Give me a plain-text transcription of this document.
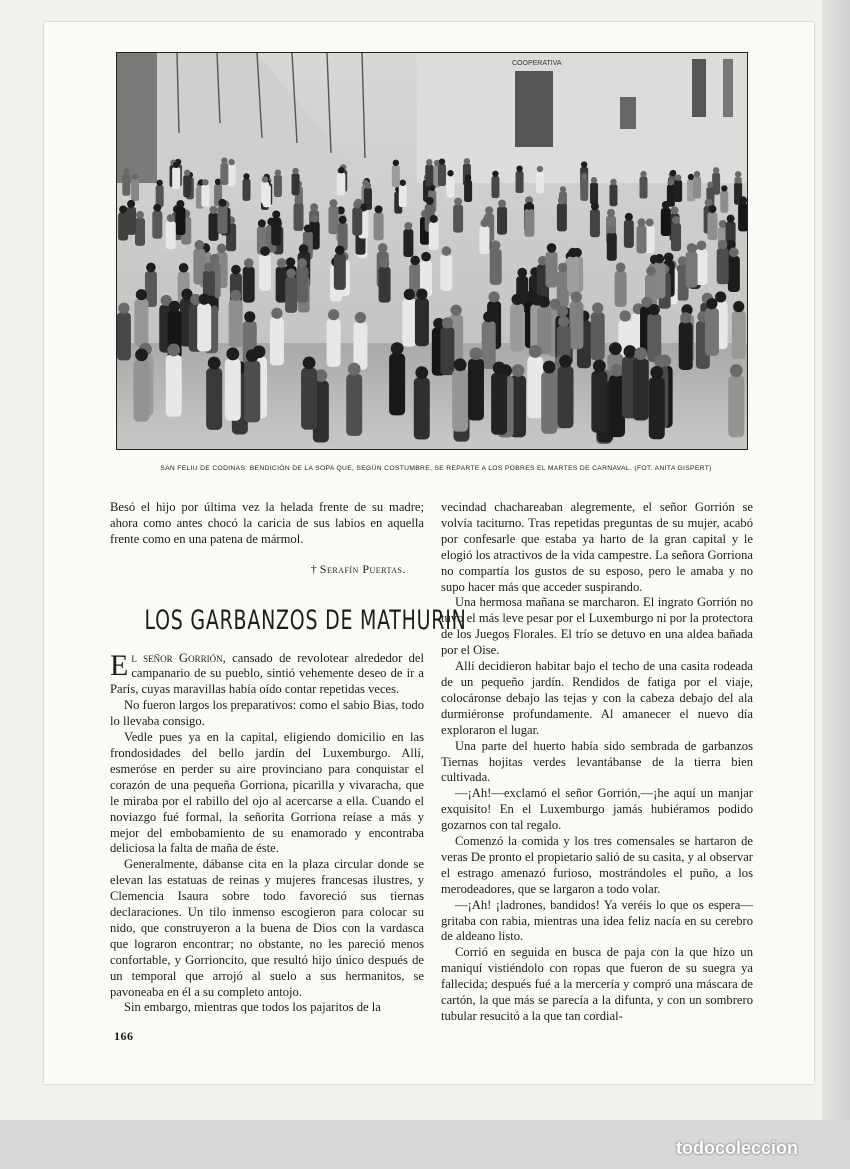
COOPERATIVA
SAN FELIU DE CODINAS: BENDICIÓN DE LA SOPA QUE, SEGÚN COSTUMBRE, SE REPARTE A LOS POBRES EL MARTES DE CARNAVAL. (FOT. ANITA GISPERT)

Besó el hijo por última vez la helada frente de su madre; ahora como antes chocó la caricia de sus labios en aquella frente como en una patena de mármol.

† Serafín Puertas.
LOS GARBANZOS DE MATHURIN

El señor Gorrión, cansado de revolotear alrededor del campanario de su pueblo, sintió vehemente deseo de ir a París, cuyas maravillas había oído contar repetidas veces.

No fueron largos los preparativos: como el sabio Bias, todo lo llevaba consigo.

Vedle pues ya en la capital, eligiendo domicilio en las frondosidades del bello jardín del Luxemburgo. Allí, esmeróse en perder su aire provinciano para conquistar el corazón de una pequeña Gorriona, picarilla y vivaracha, que le miraba por el rabillo del ojo al acercarse a ella. Cuando el noviazgo fué formal, la señorita Gorriona reíase a más y mejor del embobamiento de su enamorado y encontraba deliciosa la falta de maña de éste.

Generalmente, dábanse cita en la plaza circular donde se elevan las estatuas de reinas y mujeres francesas ilustres, y Clemencia Isaura sobre todo favoreció sus tiernas declaraciones. Un tilo inmenso escogieron para colocar su nido, que construyeron a la buena de Dios con la vardasca que lograron encontrar; no obstante, no les pareció menos confortable, y Gorrioncito, que resultó hijo único después de un temporal que arrojó al suelo a sus hermanitos, se pavoneaba en él a su completo antojo.

Sin embargo, mientras que todos los pajaritos de la

vecindad chachareaban alegremente, el señor Gorrión se volvía taciturno. Tras repetidas preguntas de su mujer, acabó por confesarle que estaba ya harto de la gran capital y le elogió los atractivos de la vida campestre. La señora Gorriona no compartía los gustos de su esposo, pero le amaba y no supo hacer más que acceder suspirando.

Una hermosa mañana se marcharon. El ingrato Gorrión no tuvo el más leve pesar por el Luxemburgo ni por la protectora de los Juegos Florales. El trío se detuvo en una aldea bañada por el Oise.

Allí decidieron habitar bajo el techo de una casita rodeada de un pequeño jardín. Rendidos de fatiga por el viaje, colocáronse debajo las tejas y con la cabeza debajo del ala durmiéronse profundamente. Al amanecer el nuevo día exploraron el lugar.

Una parte del huerto había sido sembrada de garbanzos Tiernas hojitas verdes levantábanse de la tierra bien cultivada.

—¡Ah!—exclamó el señor Gorrión,—¡he aquí un manjar exquisito! En el Luxemburgo jamás hubiéramos podido gozarnos con tal regalo.

Comenzó la comida y los tres comensales se hartaron de veras De pronto el propietario salió de su casita, y al observar el estrago amenazó furioso, mostrándoles el puño, a los merodeadores, que se largaron a todo volar.

—¡Ah! ¡ladrones, bandidos! Ya veréis lo que os espera—gritaba con rabia, mientras una idea feliz nacía en su cerebro de aldeano listo.

Corrió en seguida en busca de paja con la que hizo un maniquí vistiéndolo con ropas que fueron de su suegra ya fallecida; después fué a la mercería y compró una máscara de cartón, la que más se parecía a la difunta, y con un sombrero tubular resucitó a la que tan cordial-

166
todocoleccion
